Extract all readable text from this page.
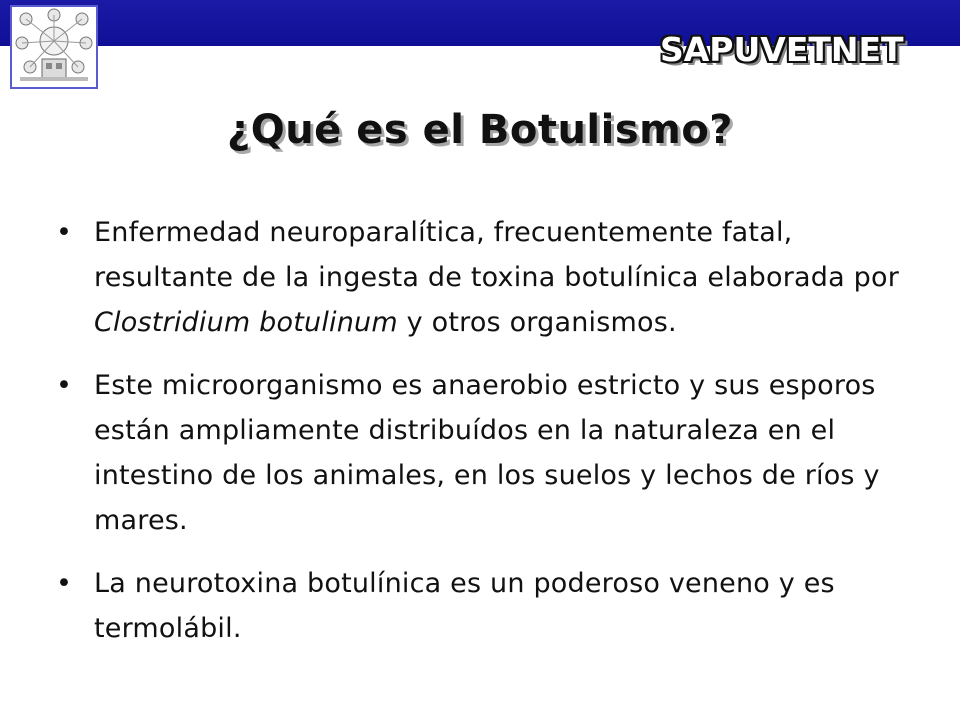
SAPUVETNET
¿Qué es el Botulismo?
• Enfermedad neuroparalítica, frecuentemente fatal, resultante de la ingesta de toxina botulínica elaborada por Clostridium botulinum y otros organismos.
• Este microorganismo es anaerobio estricto y sus esporos están ampliamente distribuídos en la naturaleza en el intestino de los animales, en los suelos y lechos de ríos y mares.
• La neurotoxina botulínica es un poderoso veneno y es termolábil.
